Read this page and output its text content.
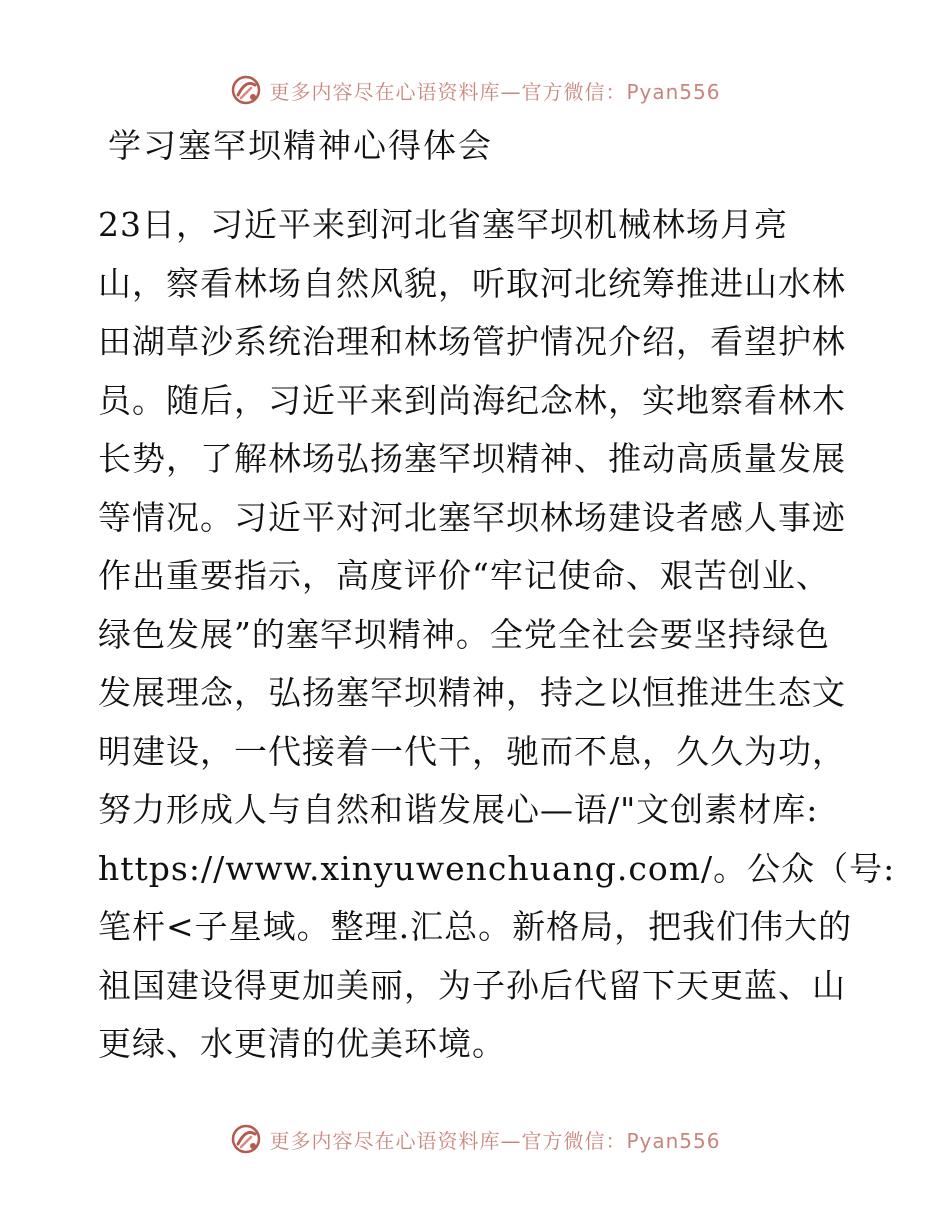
更多内容尽在心语资料库—官方微信：Pyan556
学习塞罕坝精神心得体会
23日，习近平来到河北省塞罕坝机械林场月亮
山，察看林场自然风貌，听取河北统筹推进山水林
田湖草沙系统治理和林场管护情况介绍，看望护林
员。随后，习近平来到尚海纪念林，实地察看林木
长势，了解林场弘扬塞罕坝精神、推动高质量发展
等情况。习近平对河北塞罕坝林场建设者感人事迹
作出重要指示，高度评价“牢记使命、艰苦创业、
绿色发展”的塞罕坝精神。全党全社会要坚持绿色
发展理念，弘扬塞罕坝精神，持之以恒推进生态文
明建设，一代接着一代干，驰而不息，久久为功，
努力形成人与自然和谐发展心—语/"文创素材库:
https://www.xinyuwenchuang.com/。公众（号:
笔杆<子星域。整理.汇总。新格局，把我们伟大的
祖国建设得更加美丽，为子孙后代留下天更蓝、山
更绿、水更清的优美环境。
更多内容尽在心语资料库—官方微信：Pyan556
